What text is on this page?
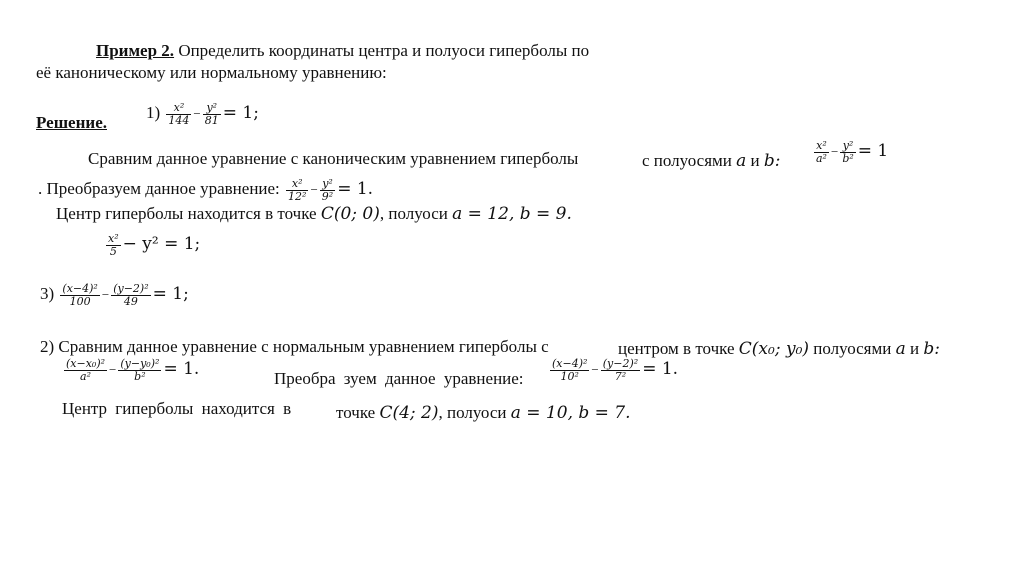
Пример 2. Определить координаты центра и полуоси гиперболы по
её каноническому или нормальному уравнению:
Решение.
$1) \frac{\text{x²}}{144} - \frac{\text{y²}}{81} = 1$;
Сравним данное уравнение с каноническим уравнением гиперболы	с полуосями a и b:	$\frac{\text{x²}}{\text{a²}} - \frac{\text{y²}}{\text{b²}} = 1$
. Преобразуем данное уравнение: $\frac{\text{x²}}{\text{12²}} - \frac{\text{y²}}{\text{9²}} = 1$.
Центр гиперболы находится в точке C(0; 0), полуоси a = 12, b = 9.
$\frac{\text{x²}}{5} - y^2 = 1$;
$3) \frac{\text{(x−4)²}}{100} - \frac{\text{(y−2)²}}{49} = 1$;
2) Сравним данное уравнение с нормальным уравнением гиперболы с	центром в точке C(x₀; y₀) полуосями a и b:
$\frac{\text{(x−x₀)²}}{\text{a²}} - \frac{\text{(y−y₀)²}}{\text{b²}} = 1$.	Преобра зуем данное уравнение: $\frac{\text{(x−4)²}}{\text{10²}} - \frac{\text{(y−2)²}}{\text{7²}} = 1$.
Центр гиперболы находится в	точке C(4; 2), полуоси a = 10, b = 7.
